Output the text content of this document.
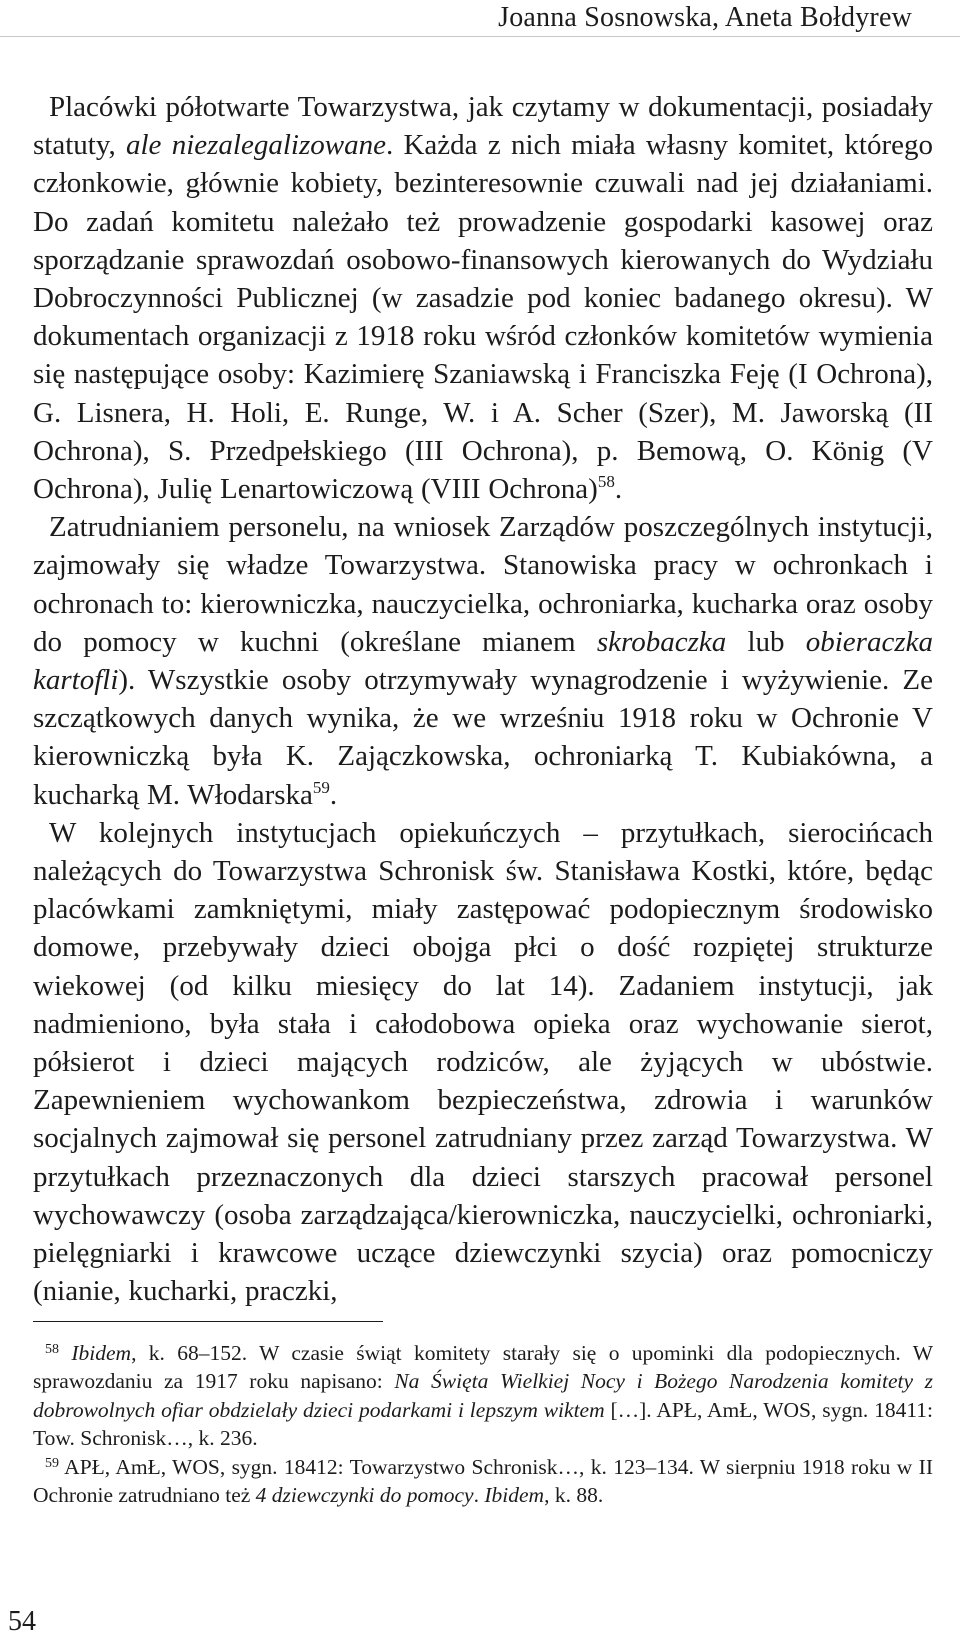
Joanna Sosnowska, Aneta Bołdyrew

Placówki półotwarte Towarzystwa, jak czytamy w dokumentacji, posiadały statuty, ale niezalegalizowane. Każda z nich miała własny komitet, którego członkowie, głównie kobiety, bezinteresownie czuwali nad jej działaniami. Do zadań komitetu należało też prowadzenie gospodarki kasowej oraz sporządzanie sprawozdań osobowo-finansowych kierowanych do Wydziału Dobroczynności Publicznej (w zasadzie pod koniec badanego okresu). W dokumentach organizacji z 1918 roku wśród członków komitetów wymienia się następujące osoby: Kazimierę Szaniawską i Franciszka Feję (I Ochrona), G. Lisnera, H. Holi, E. Runge, W. i A. Scher (Szer), M. Jaworską (II Ochrona), S. Przedpełskiego (III Ochrona), p. Bemową, O. König (V Ochrona), Julię Lenartowiczową (VIII Ochrona)$^{58}$.

Zatrudnianiem personelu, na wniosek Zarządów poszczególnych instytucji, zajmowały się władze Towarzystwa. Stanowiska pracy w ochronkach i ochronach to: kierowniczka, nauczycielka, ochroniarka, kucharka oraz osoby do pomocy w kuchni (określane mianem skrobaczka lub obieraczka kartofli). Wszystkie osoby otrzymywały wynagrodzenie i wyżywienie. Ze szczątkowych danych wynika, że we wrześniu 1918 roku w Ochronie V kierowniczką była K. Zajączkowska, ochroniarką T. Kubiakówna, a kucharką M. Włodarska$^{59}$.

W kolejnych instytucjach opiekuńczych – przytułkach, sierocińcach należących do Towarzystwa Schronisk św. Stanisława Kostki, które, będąc placówkami zamkniętymi, miały zastępować podopiecznym środowisko domowe, przebywały dzieci obojga płci o dość rozpiętej strukturze wiekowej (od kilku miesięcy do lat 14). Zadaniem instytucji, jak nadmieniono, była stała i całodobowa opieka oraz wychowanie sierot, półsierot i dzieci mających rodziców, ale żyjących w ubóstwie. Zapewnieniem wychowankom bezpieczeństwa, zdrowia i warunków socjalnych zajmował się personel zatrudniany przez zarząd Towarzystwa. W przytułkach przeznaczonych dla dzieci starszych pracował personel wychowawczy (osoba zarządzająca/kierowniczka, nauczycielki, ochroniarki, pielęgniarki i krawcowe uczące dziewczynki szycia) oraz pomocniczy (nianie, kucharki, praczki,

$^{58}$ Ibidem, k. 68–152. W czasie świąt komitety starały się o upominki dla podopiecznych. W sprawozdaniu za 1917 roku napisano: Na Święta Wielkiej Nocy i Bożego Narodzenia komitety z dobrowolnych ofiar obdzielały dzieci podarkami i lepszym wiktem […]. APŁ, AmŁ, WOS, sygn. 18411: Tow. Schronisk…, k. 236.

$^{59}$ APŁ, AmŁ, WOS, sygn. 18412: Towarzystwo Schronisk…, k. 123–134. W sierpniu 1918 roku w II Ochronie zatrudniano też 4 dziewczynki do pomocy. Ibidem, k. 88.

54
